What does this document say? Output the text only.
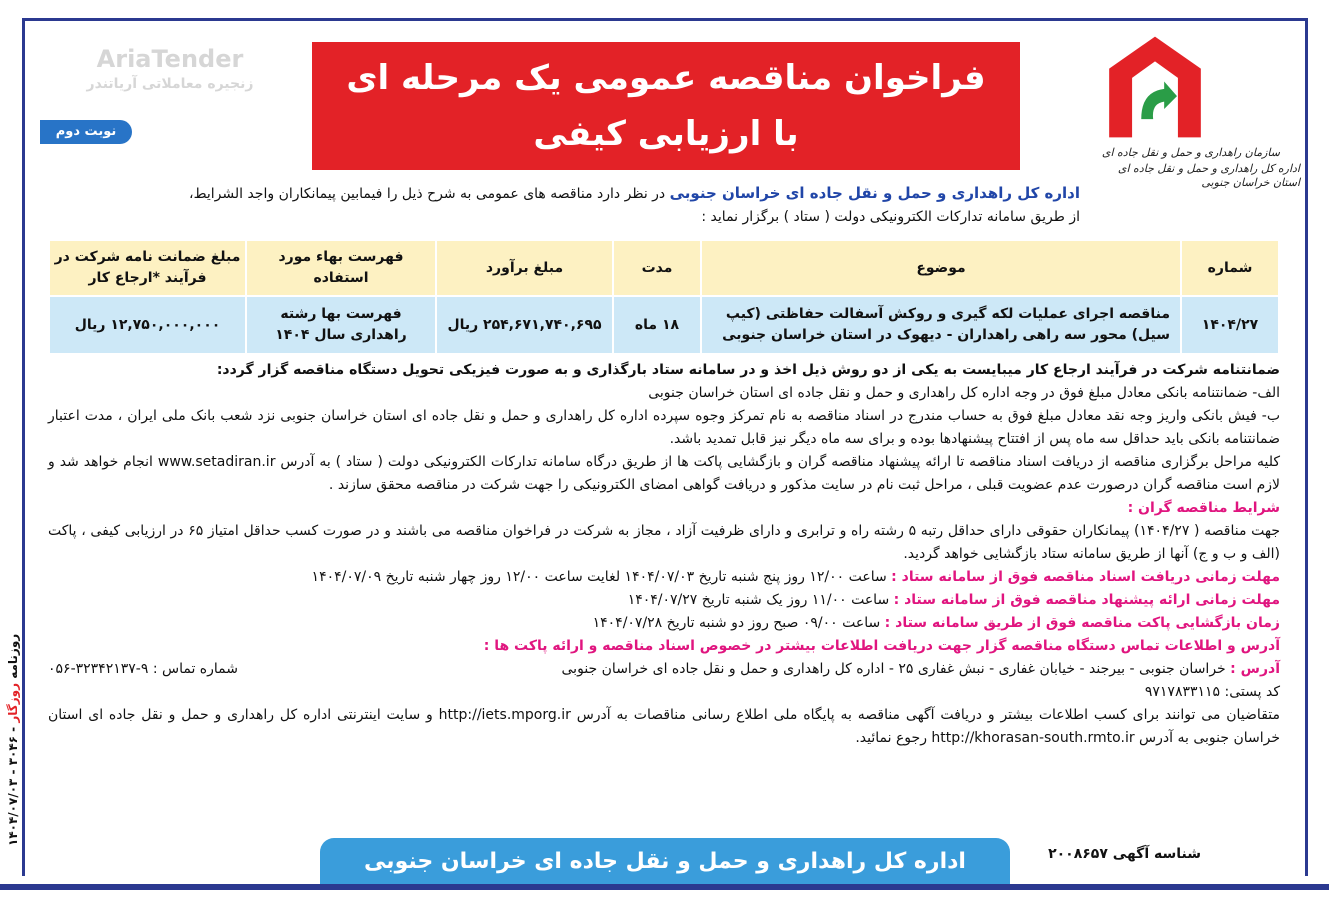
فراخوان مناقصه عمومی یک مرحله ای
با ارزیابی کیفی	سازمان راهداری و حمل و نقل جاده ای
اداره کل راهداری و حمل و نقل جاده ای استان خراسان جنوبی
نوبت دوم
AriaTender
زنجیره معاملاتی آریاتندر
اداره کل راهداری و حمل و نقل جاده ای خراسان جنوبی در نظر دارد مناقصه های عمومی به شرح ذیل را فیمابین پیمانکاران واجد الشرایط،
از طریق سامانه تدارکات الکترونیکی دولت ( ستاد ) برگزار نماید :
شماره	موضوع	مدت	مبلغ برآورد	فهرست بهاء مورد استفاده	مبلغ ضمانت نامه شرکت در فرآیند *ارجاع کار
۱۴۰۴/۲۷	مناقصه اجرای عملیات لکه گیری و روکش آسفالت حفاظتی (کیپ سیل) محور سه راهی راهداران - دیهوک در استان خراسان جنوبی	۱۸ ماه	۲۵۴,۶۷۱,۷۴۰,۶۹۵ ریال	فهرست بها رشته راهداری سال ۱۴۰۴	۱۲,۷۵۰,۰۰۰,۰۰۰ ریال

ضمانتنامه شرکت در فرآیند ارجاع کار میبایست به یکی از دو روش ذیل اخذ و در سامانه ستاد بارگذاری و به صورت فیزیکی تحویل دستگاه مناقصه گزار گردد:

الف- ضمانتنامه بانکی معادل مبلغ فوق در وجه اداره کل راهداری و حمل و نقل جاده ای استان خراسان جنوبی

ب- فیش بانکی واریز وجه نقد معادل مبلغ فوق به حساب مندرج در اسناد مناقصه به نام تمرکز وجوه سپرده اداره کل راهداری و حمل و نقل جاده ای استان خراسان جنوبی نزد شعب بانک ملی ایران ، مدت اعتبار ضمانتنامه بانکی باید حداقل سه ماه پس از افتتاح پیشنهادها بوده و برای سه ماه دیگر نیز قابل تمدید باشد.

کلیه مراحل برگزاری مناقصه از دریافت اسناد مناقصه تا ارائه پیشنهاد مناقصه گران و بازگشایی پاکت ها از طریق درگاه سامانه تدارکات الکترونیکی دولت ( ستاد ) به آدرس www.setadiran.ir انجام خواهد شد و لازم است مناقصه گران درصورت عدم عضویت قبلی ، مراحل ثبت نام در سایت مذکور و دریافت گواهی امضای الکترونیکی را جهت شرکت در مناقصه محقق سازند .

شرایط مناقصه گران :

جهت مناقصه ( ۱۴۰۴/۲۷) پیمانکاران حقوقی دارای حداقل رتبه ۵ رشته راه و ترابری و دارای ظرفیت آزاد ، مجاز به شرکت در فراخوان مناقصه می باشند و در صورت کسب حداقل امتیاز ۶۵ در ارزیابی کیفی ، پاکت (الف و ب و ج) آنها از طریق سامانه ستاد بازگشایی خواهد گردید.

مهلت زمانی دریافت اسناد مناقصه فوق از سامانه ستاد : ساعت ۱۲/۰۰ روز پنج شنبه تاریخ ۱۴۰۴/۰۷/۰۳ لغایت ساعت ۱۲/۰۰ روز چهار شنبه تاریخ ۱۴۰۴/۰۷/۰۹

مهلت زمانی ارائه پیشنهاد مناقصه فوق از سامانه ستاد : ساعت ۱۱/۰۰ روز یک شنبه تاریخ ۱۴۰۴/۰۷/۲۷

زمان بازگشایی پاکت مناقصه فوق از طریق سامانه ستاد : ساعت ۰۹/۰۰ صبح روز دو شنبه تاریخ ۱۴۰۴/۰۷/۲۸

آدرس و اطلاعات تماس دستگاه مناقصه گزار جهت دریافت اطلاعات بیشتر در خصوص اسناد مناقصه و ارائه پاکت ها :

آدرس : خراسان جنوبی - بیرجند - خیابان غفاری - نبش غفاری ۲۵ - اداره کل راهداری و حمل و نقل جاده ای خراسان جنوبی
شماره تماس : ۹-۳۲۳۴۲۱۳۷-۰۵۶

کد پستی: ۹۷۱۷۸۳۳۱۱۵

متقاضیان می توانند برای کسب اطلاعات بیشتر و دریافت آگهی مناقصه به پایگاه ملی اطلاع رسانی مناقصات به آدرس http://iets.mporg.ir و سایت اینترنتی اداره کل راهداری و حمل و نقل جاده ای استان خراسان جنوبی به آدرس http://khorasan-south.rmto.ir رجوع نمائید.

روزنامه روزگار - ۳۰۴۶ - ۱۴۰۴/۰۷/۰۳
شناسه آگهی ۲۰۰۸۶۵۷
اداره کل راهداری و حمل و نقل جاده ای خراسان جنوبی
